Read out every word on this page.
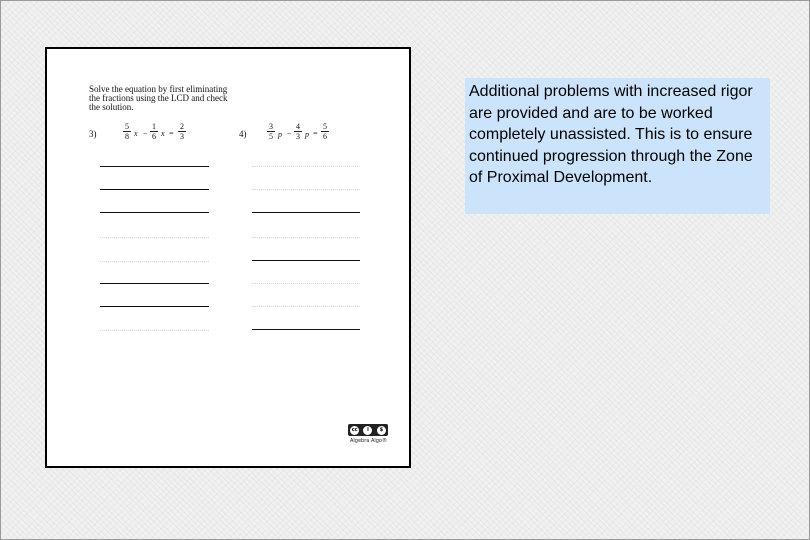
Solve the equation by first eliminating the fractions using the LCD and check the solution.
3)
5
8 x −
1
6 x =
2
3	4)
3
5 p −
4
3 p =
5
6
cc	i	$
Algebra Algo®
Additional problems with increased rigor are provided and are to be worked completely unassisted. This is to ensure continued progression through the Zone of Proximal Development.
